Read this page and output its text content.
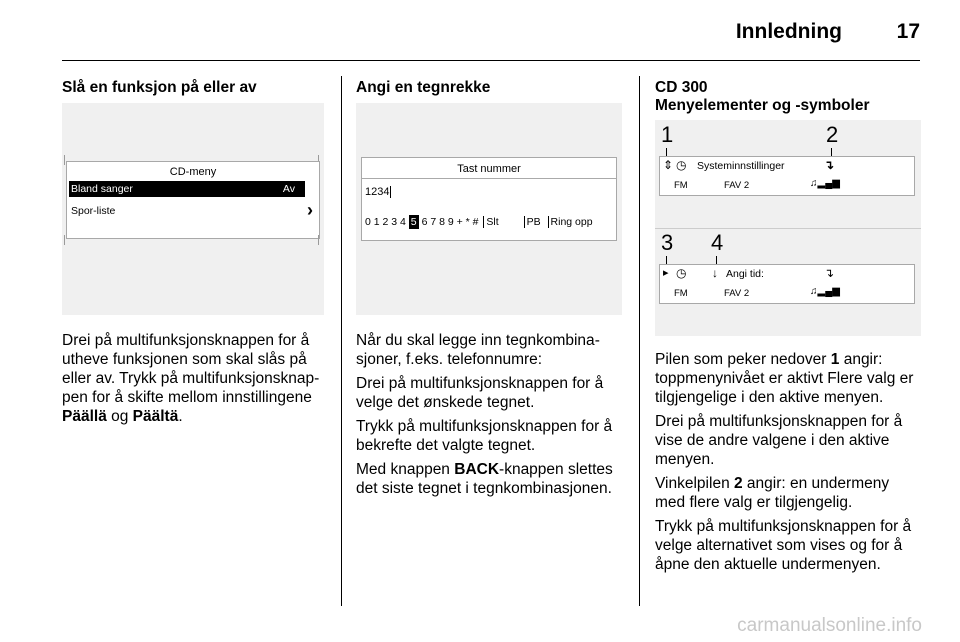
Innledning	17
Slå en funksjon på eller av
CD-meny
Bland sanger	Av
Spor-liste	›
Drei på multifunksjonsknappen for å utheve funksjonen som skal slås på eller av. Trykk på multifunksjonsknappen for å skifte mellom innstillingene Päällä og Päältä.
Angi en tegnrekke
Tast nummer
1234
0 1 2 3 4 5 6 7 8 9 + * # Slt	PB Ring opp

Når du skal legge inn tegnkombinasjoner, f.eks. telefonnumre:

Drei på multifunksjonsknappen for å velge det ønskede tegnet.

Trykk på multifunksjonsknappen for å bekrefte det valgte tegnet.

Med knappen BACK-knappen slettes det siste tegnet i tegnkombinasjonen.

CD 300
Menyelementer og -symboler
1	2
⇕ ◷ Systeminnstillinger	↴
FM	FAV 2	♫▂▄▆
3 4
▸ ◷ ↓ Angi tid:	↴
FM	FAV 2	♫▂▄▆

Pilen som peker nedover 1 angir: toppmenynivået er aktivt Flere valg er tilgjengelige i den aktive menyen.

Drei på multifunksjonsknappen for å vise de andre valgene i den aktive menyen.

Vinkelpilen 2 angir: en undermeny med flere valg er tilgjengelig.

Trykk på multifunksjonsknappen for å velge alternativet som vises og for å åpne den aktuelle undermenyen.

carmanualsonline.info
